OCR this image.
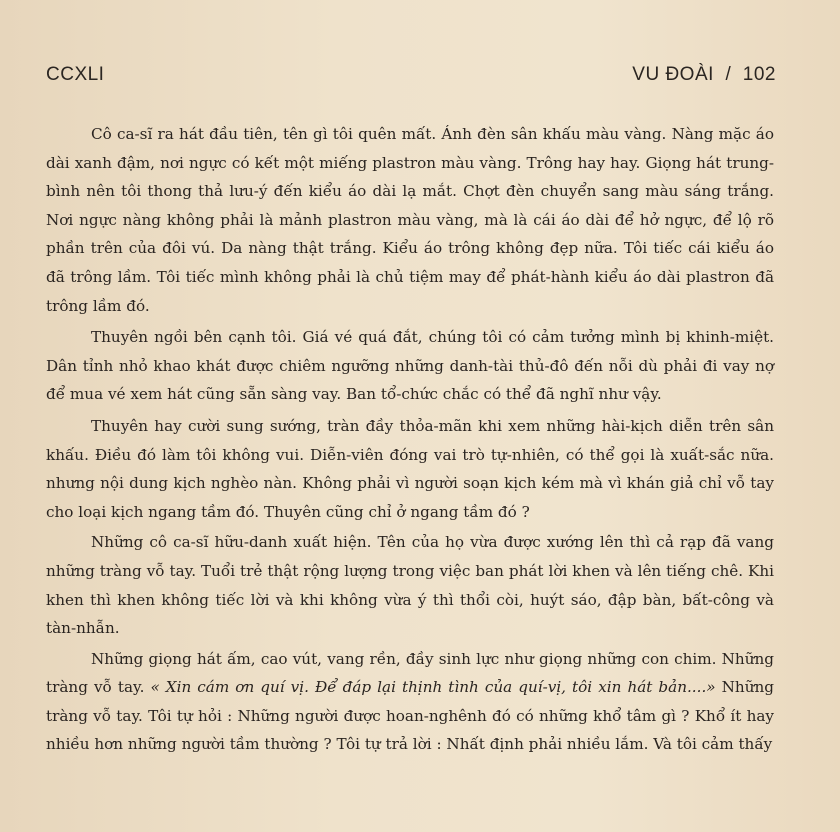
CCXLI	VU ĐOÀI  /  102

Cô ca-sĩ ra hát đầu tiên, tên gì tôi quên mất. Ánh đèn sân khấu màu vàng. Nàng mặc áo dài xanh đậm, nơi ngực có kết một miếng plastron màu vàng. Trông hay hay. Giọng hát trung-bình nên tôi thong thả lưu-ý đến kiểu áo dài lạ mắt. Chợt đèn chuyển sang màu sáng trắng. Nơi ngực nàng không phải là mảnh plastron màu vàng, mà là cái áo dài để hở ngực, để lộ rõ phần trên của đôi vú. Da nàng thật trắng. Kiểu áo trông không đẹp nữa. Tôi tiếc cái kiểu áo đã trông lầm. Tôi tiếc mình không phải là chủ tiệm may để phát-hành kiểu áo dài plastron đã trông lầm đó.

Thuyên ngồi bên cạnh tôi. Giá vé quá đắt, chúng tôi có cảm tưởng mình bị khinh-miệt. Dân tỉnh nhỏ khao khát được chiêm ngưỡng những danh-tài thủ-đô đến nỗi dù phải đi vay nợ để mua vé xem hát cũng sẵn sàng vay. Ban tổ-chức chắc có thể đã nghĩ như vậy.

Thuyên hay cười sung sướng, tràn đầy thỏa-mãn khi xem những hài-kịch diễn trên sân khấu. Điều đó làm tôi không vui. Diễn-viên đóng vai trò tự-nhiên, có thể gọi là xuất-sắc nữa. nhưng nội dung kịch nghèo nàn. Không phải vì người soạn kịch kém mà vì khán giả chỉ vỗ tay cho loại kịch ngang tầm đó. Thuyên cũng chỉ ở ngang tầm đó ?

Những cô ca-sĩ hữu-danh xuất hiện. Tên của họ vừa được xướng lên thì cả rạp đã vang những tràng vỗ tay. Tuổi trẻ thật rộng lượng trong việc ban phát lời khen và lên tiếng chê. Khi khen thì khen không tiếc lời và khi không vừa ý thì thổi còi, huýt sáo, đập bàn, bất-công và tàn-nhẫn.

Những giọng hát ấm, cao vút, vang rền, đầy sinh lực như giọng những con chim. Những tràng vỗ tay. « Xin cám ơn quí vị. Để đáp lại thịnh tình của quí-vị, tôi xin hát bản....» Những tràng vỗ tay. Tôi tự hỏi : Những người được hoan-nghênh đó có những khổ tâm gì ? Khổ ít hay nhiều hơn những người tầm thường ? Tôi tự trả lời : Nhất định phải nhiều lắm. Và tôi cảm thấy
